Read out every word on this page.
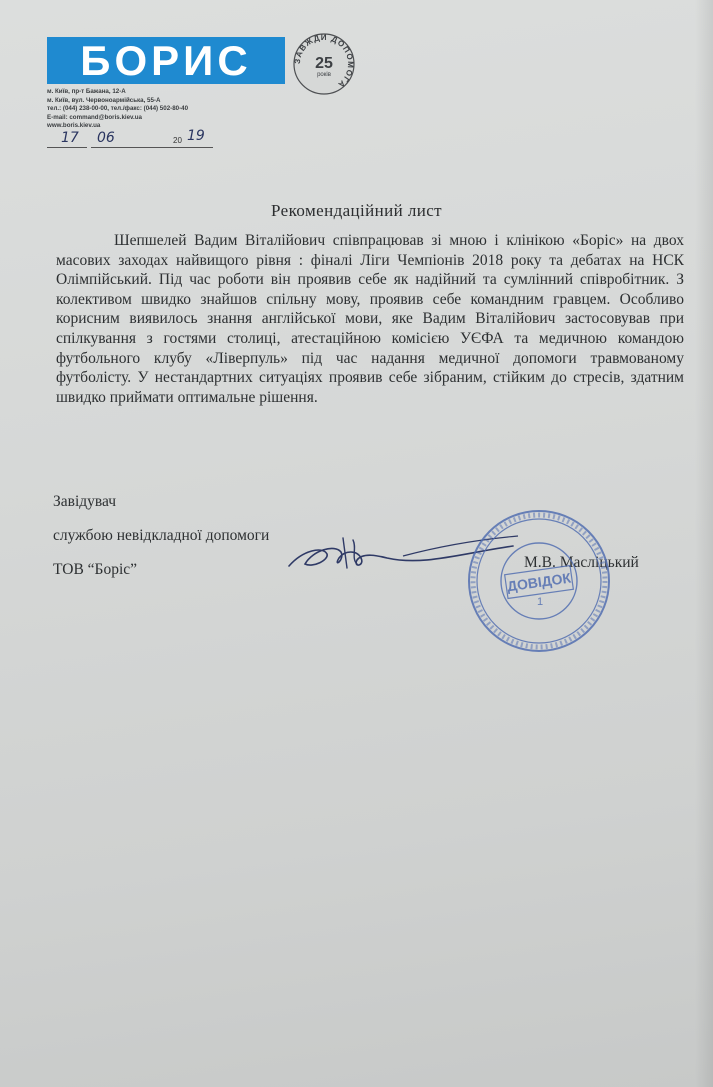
БОРИС	ЗАВЖДИ ДОПОМОГА
25
років
м. Київ, пр-т Бажана, 12-А
м. Київ, вул. Червоноармійська, 55-А
тел.: (044) 238-00-00, тел./факс: (044) 502-80-40
E-mail: command@boris.kiev.ua
www.boris.kiev.ua
17 06	20 19
Рекомендаційний лист

Шепшелей Вадим Віталійович співпрацював зі мною і клінікою «Боріс» на двох масових заходах найвищого рівня : фіналі Ліги Чемпіонів 2018 року та дебатах на НСК Олімпійський. Під час роботи він проявив себе як надійний та сумлінний співробітник. З колективом швидко знайшов спільну мову, проявив себе командним гравцем. Особливо корисним виявилось знання англійської мови, яке Вадим Віталійович застосовував при спілкування з гостями столиці, атестаційною комісією УЄФА та медичною командою футбольного клубу «Ліверпуль» під час надання медичної допомоги травмованому футболісту. У нестандартних ситуаціях проявив себе зібраним, стійким до стресів, здатним швидко приймати оптимальне рішення.

Завідувач
службою невідкладної допомоги
ТОВ “Боріс”	М.В. Масліцький
ДОВІДОК
1
